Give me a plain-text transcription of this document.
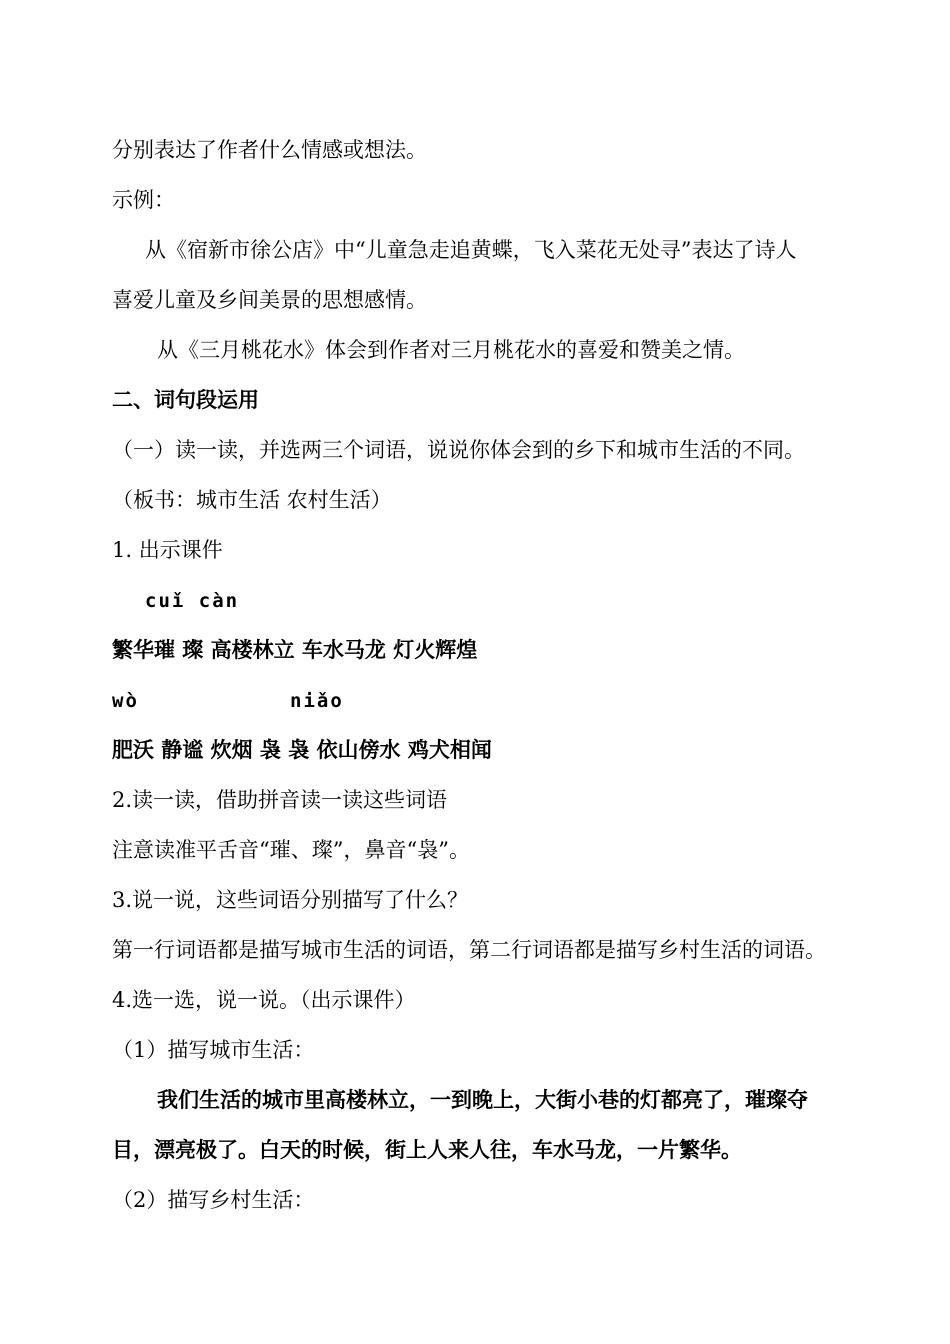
分别表达了作者什么情感或想法。
示例：
从《宿新市徐公店》中“儿童急走追黄蝶，飞入菜花无处寻”表达了诗人
喜爱儿童及乡间美景的思想感情。
从《三月桃花水》体会到作者对三月桃花水的喜爱和赞美之情。
二、词句段运用
（一）读一读，并选两三个词语，说说你体会到的乡下和城市生活的不同。
（板书：城市生活 农村生活）
1. 出示课件
cuǐ càn
繁华璀 璨 高楼林立 车水马龙 灯火辉煌
wò	niǎo
肥沃 静谧 炊烟 袅 袅 依山傍水 鸡犬相闻
2.读一读，借助拼音读一读这些词语
注意读准平舌音“璀、璨”，鼻音“袅”。
3.说一说，这些词语分别描写了什么？
第一行词语都是描写城市生活的词语，第二行词语都是描写乡村生活的词语。
4.选一选，说一说。（出示课件）
（1）描写城市生活：
我们生活的城市里高楼林立，一到晚上，大街小巷的灯都亮了，璀璨夺
目，漂亮极了。白天的时候，街上人来人往，车水马龙，一片繁华。
（2）描写乡村生活：
